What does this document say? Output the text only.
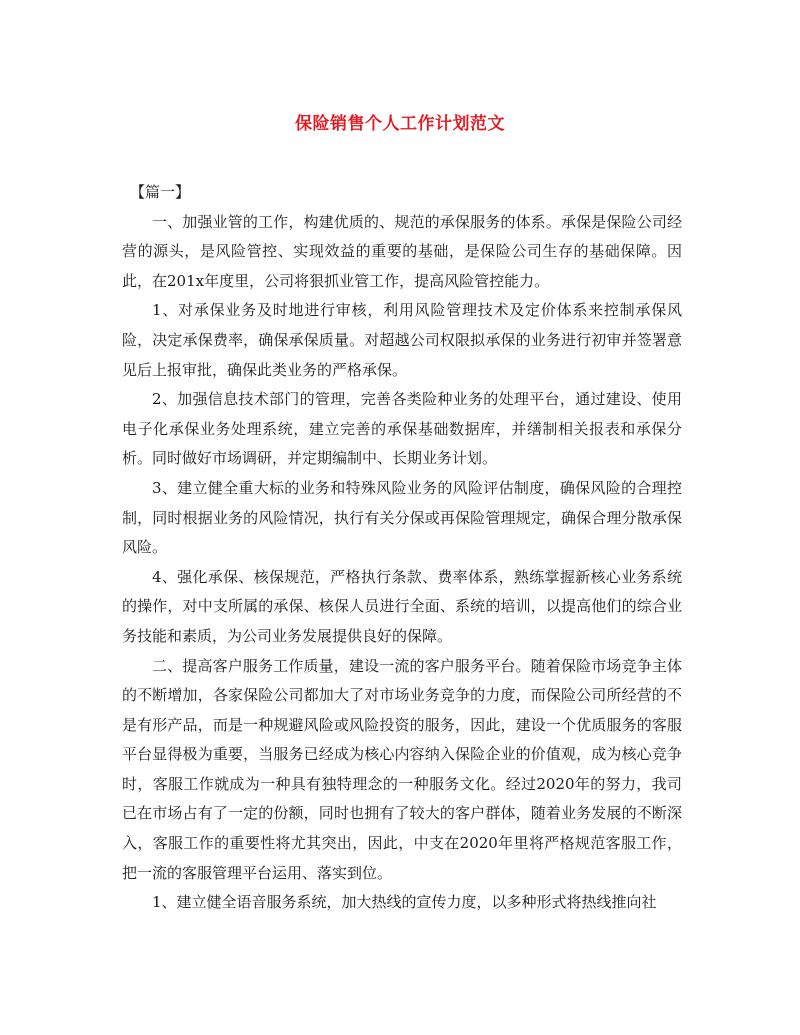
保险销售个人工作计划范文

【篇一】

一、加强业管的工作，构建优质的、规范的承保服务的体系。承保是保险公司经营的源头，是风险管控、实现效益的重要的基础，是保险公司生存的基础保障。因此，在201x年度里，公司将狠抓业管工作，提高风险管控能力。

1、对承保业务及时地进行审核，利用风险管理技术及定价体系来控制承保风险，决定承保费率，确保承保质量。对超越公司权限拟承保的业务进行初审并签署意见后上报审批，确保此类业务的严格承保。

2、加强信息技术部门的管理，完善各类险种业务的处理平台，通过建设、使用电子化承保业务处理系统，建立完善的承保基础数据库，并缮制相关报表和承保分析。同时做好市场调研，并定期编制中、长期业务计划。

3、建立健全重大标的业务和特殊风险业务的风险评估制度，确保风险的合理控制，同时根据业务的风险情况，执行有关分保或再保险管理规定，确保合理分散承保风险。

4、强化承保、核保规范，严格执行条款、费率体系，熟练掌握新核心业务系统的操作，对中支所属的承保、核保人员进行全面、系统的培训，以提高他们的综合业务技能和素质，为公司业务发展提供良好的保障。

二、提高客户服务工作质量，建设一流的客户服务平台。随着保险市场竞争主体的不断增加，各家保险公司都加大了对市场业务竞争的力度，而保险公司所经营的不是有形产品，而是一种规避风险或风险投资的服务，因此，建设一个优质服务的客服平台显得极为重要，当服务已经成为核心内容纳入保险企业的价值观，成为核心竞争时，客服工作就成为一种具有独特理念的一种服务文化。经过2020年的努力，我司已在市场占有了一定的份额，同时也拥有了较大的客户群体，随着业务发展的不断深入，客服工作的重要性将尤其突出，因此，中支在2020年里将严格规范客服工作，把一流的客服管理平台运用、落实到位。

1、建立健全语音服务系统，加大热线的宣传力度，以多种形式将热线推向社
